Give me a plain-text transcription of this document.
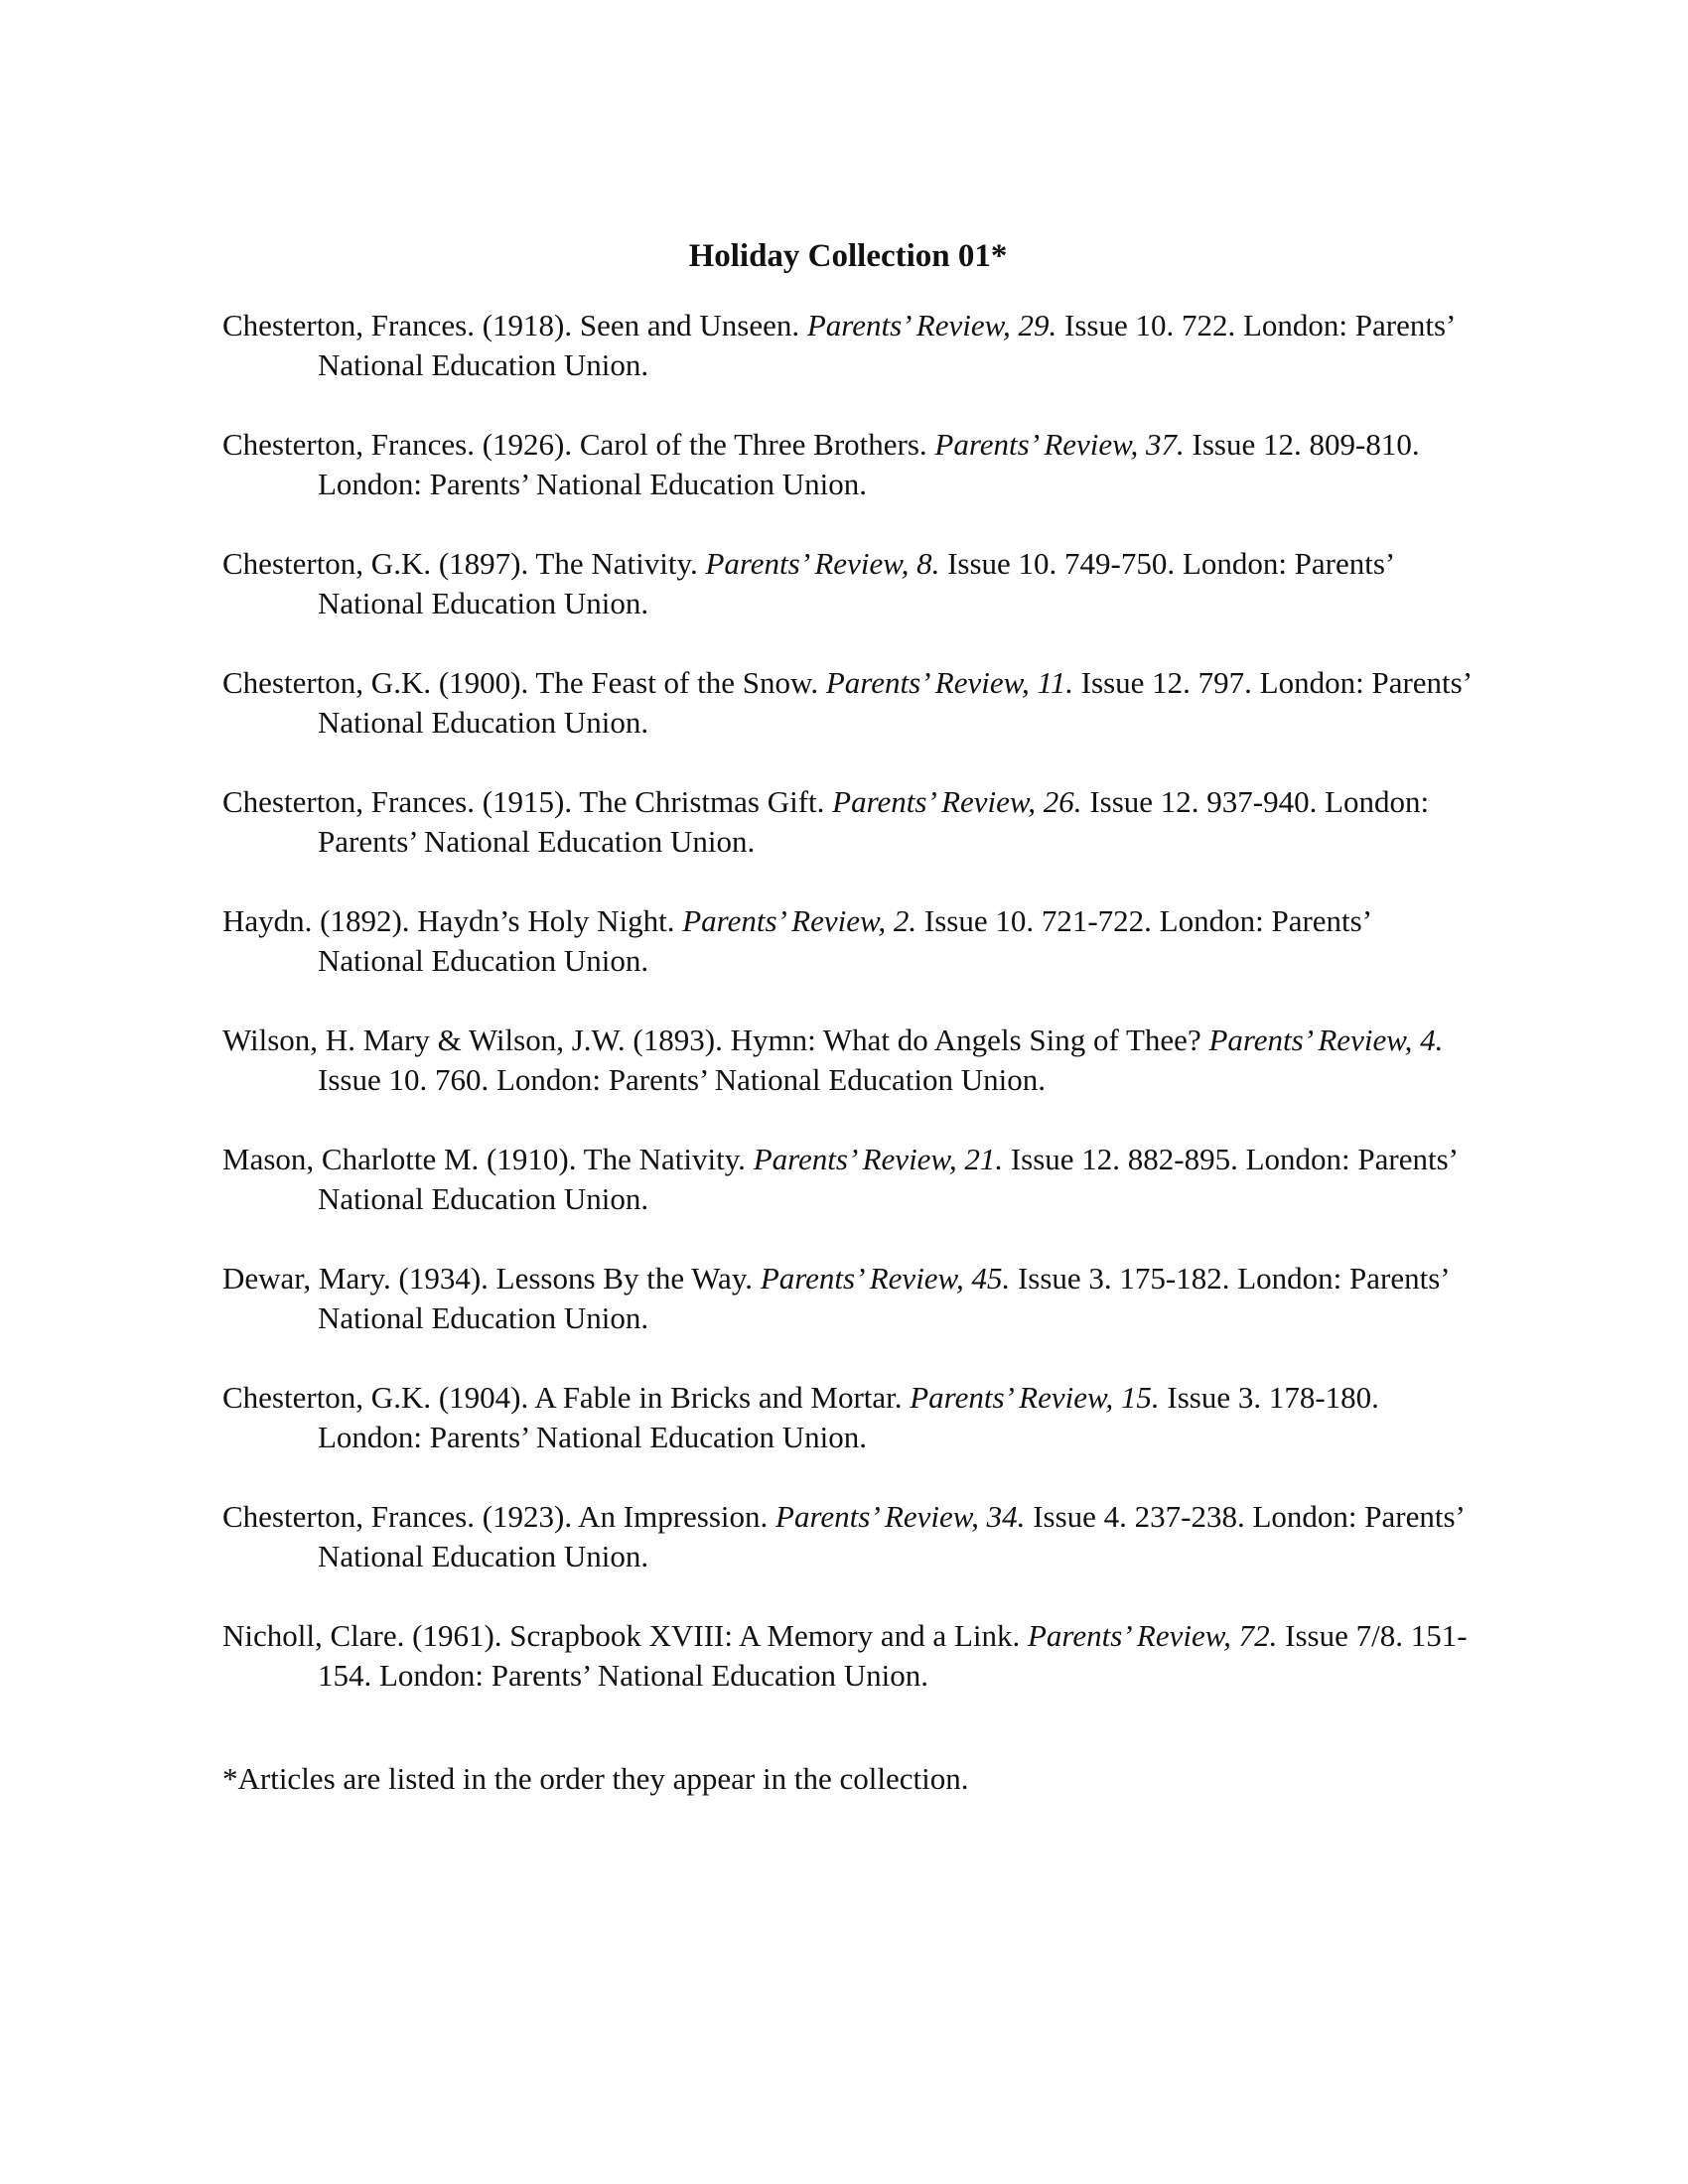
Holiday Collection 01*
Chesterton, Frances. (1918). Seen and Unseen. Parents’ Review, 29. Issue 10. 722. London: Parents’ National Education Union.
Chesterton, Frances. (1926). Carol of the Three Brothers. Parents’ Review, 37. Issue 12. 809-810. London: Parents’ National Education Union.
Chesterton, G.K. (1897). The Nativity. Parents’ Review, 8. Issue 10. 749-750. London: Parents’ National Education Union.
Chesterton, G.K. (1900). The Feast of the Snow. Parents’ Review, 11. Issue 12. 797. London: Parents’ National Education Union.
Chesterton, Frances. (1915). The Christmas Gift. Parents’ Review, 26. Issue 12. 937-940. London: Parents’ National Education Union.
Haydn. (1892). Haydn’s Holy Night. Parents’ Review, 2. Issue 10. 721-722. London: Parents’ National Education Union.
Wilson, H. Mary & Wilson, J.W. (1893). Hymn: What do Angels Sing of Thee? Parents’ Review, 4. Issue 10. 760. London: Parents’ National Education Union.
Mason, Charlotte M. (1910). The Nativity. Parents’ Review, 21. Issue 12. 882-895. London: Parents’ National Education Union.
Dewar, Mary. (1934). Lessons By the Way. Parents’ Review, 45. Issue 3. 175-182. London: Parents’ National Education Union.
Chesterton, G.K. (1904). A Fable in Bricks and Mortar. Parents’ Review, 15. Issue 3. 178-180. London: Parents’ National Education Union.
Chesterton, Frances. (1923). An Impression. Parents’ Review, 34. Issue 4. 237-238. London: Parents’ National Education Union.
Nicholl, Clare. (1961). Scrapbook XVIII: A Memory and a Link. Parents’ Review, 72. Issue 7/8. 151-154. London: Parents’ National Education Union.

*Articles are listed in the order they appear in the collection.
